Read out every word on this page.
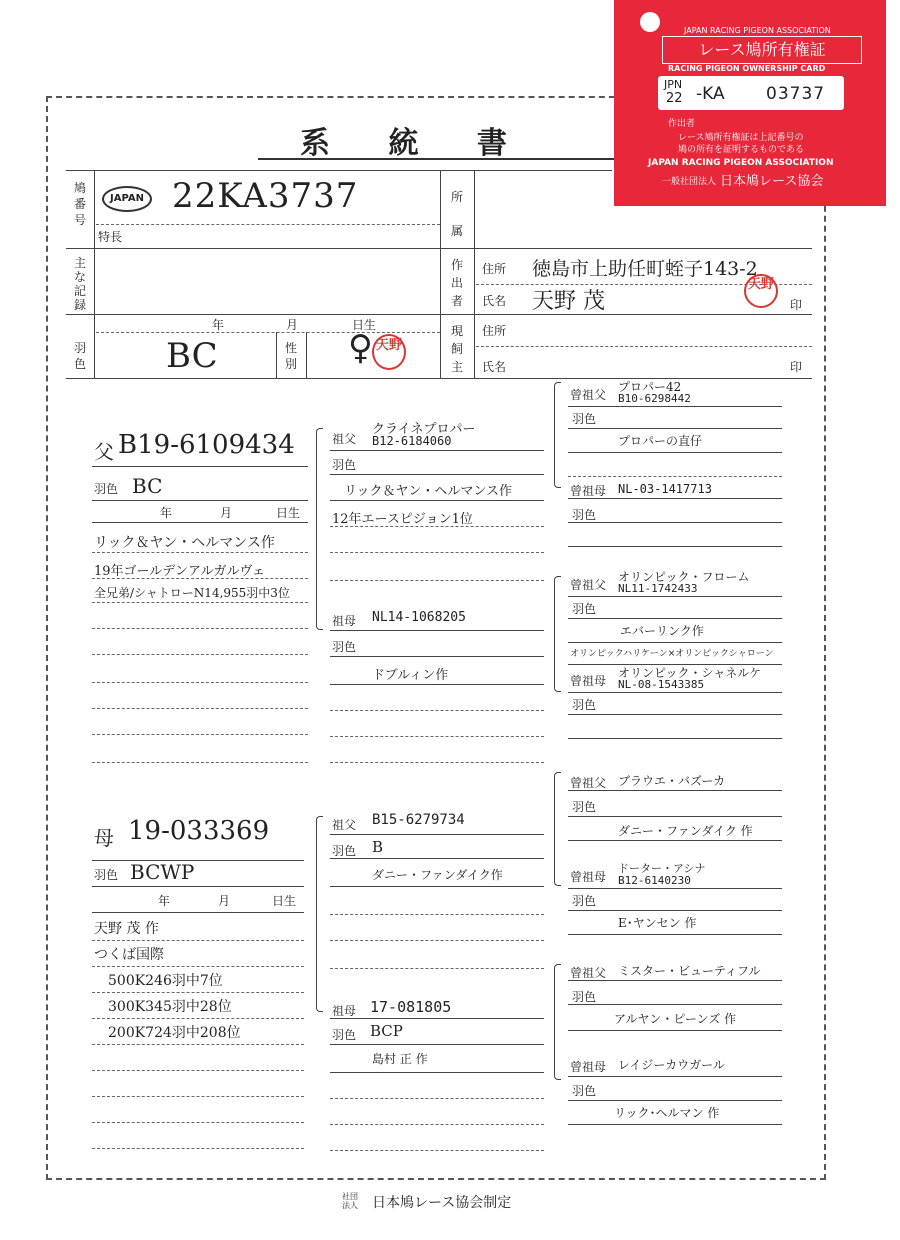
系 統 書
鳩番号
JAPAN 22KA3737
特長
所属
主な記録
作出者
住所 徳島市上助任町蛭子143-2
氏名 天野 茂
天野
印
年	月	日生
羽色 BC	性別 ♀ 天野
現飼主
住所
氏名	印
父 B19-6109434
羽色 BC
年	月	日生
リック＆ヤン・ヘルマンス作
19年ゴールデンアルガルヴェ
全兄弟/シャトローN14,955羽中3位
母 19-033369
羽色 BCWP
年	月	日生
天野 茂 作
つくば国際
500K246羽中7位
300K345羽中28位
200K724羽中208位
祖父
クライネプロパー
B12-6184060
羽色
リック＆ヤン・ヘルマンス作
12年エースピジョン1位
祖母 NL14-1068205
羽色
ドブルィン作
祖父 B15-6279734
羽色 B
ダニー・ファンダイク作
祖母 17-081805
羽色 BCP
島村 正 作
曾祖父
プロパー42
B10-6298442
羽色
プロパーの直仔
曾祖母 NL-03-1417713
羽色
曾祖父
オリンピック・フローム
NL11-1742433
羽色
エバーリンク作
オリンピックハリケーン×オリンピックシャローン
曾祖母
オリンピック・シャネルケ
NL-08-1543385
羽色
曾祖父 ブラウエ・バズーカ
羽色
ダニー・ファンダイク 作
曾祖母
ドーター・アシナ
B12-6140230
羽色
E･ヤンセン 作
曾祖父 ミスター・ビューティフル
羽色
アルヤン・ピーンズ 作
曾祖母 レイジーカウガール
羽色
リック･ヘルマン 作
社団法人 日本鳩レース協会制定
JAPAN RACING PIGEON ASSOCIATION
レース鳩所有権証
RACING PIGEON OWNERSHIP CARD
JPN
22 -KA 03737
作出者
レース鳩所有権証は上記番号の
鳩の所有を証明するものである
JAPAN RACING PIGEON ASSOCIATION
一般社団法人 日本鳩レース協会
